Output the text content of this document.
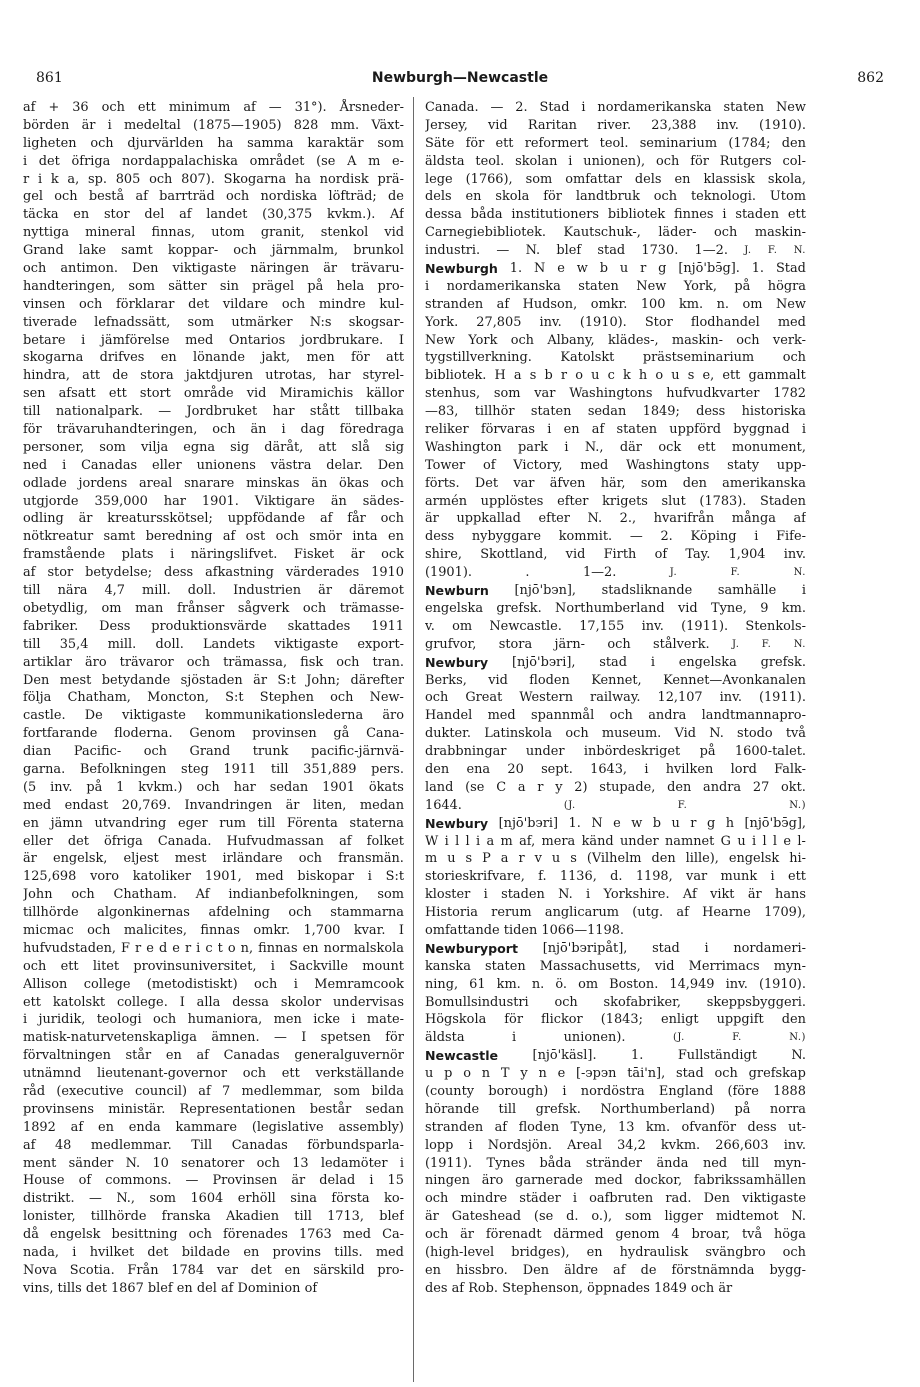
861	Newburgh—Newcastle	862
af + 36 och ett minimum af — 31°). Årsneder-
börden är i medeltal (1875—1905) 828 mm. Växt-
ligheten och djurvärlden ha samma karaktär som
i det öfriga nordappalachiska området (se A m e-
r i k a, sp. 805 och 807). Skogarna ha nordisk prä-
gel och bestå af barrträd och nordiska löfträd; de
täcka en stor del af landet (30,375 kvkm.). Af
nyttiga mineral finnas, utom granit, stenkol vid
Grand lake samt koppar- och järnmalm, brunkol
och antimon. Den viktigaste näringen är trävaru-
handteringen, som sätter sin prägel på hela pro-
vinsen och förklarar det vildare och mindre kul-
tiverade lefnadssätt, som utmärker N:s skogsar-
betare i jämförelse med Ontarios jordbrukare. I
skogarna drifves en lönande jakt, men för att
hindra, att de stora jaktdjuren utrotas, har styrel-
sen afsatt ett stort område vid Miramichis källor
till nationalpark. — Jordbruket har stått tillbaka
för trävaruhandteringen, och än i dag föredraga
personer, som vilja egna sig däråt, att slå sig
ned i Canadas eller unionens västra delar. Den
odlade jordens areal snarare minskas än ökas och
utgjorde 359,000 har 1901. Viktigare än sädes-
odling är kreatursskötsel; uppfödande af får och
nötkreatur samt beredning af ost och smör inta en
framstående plats i näringslifvet. Fisket är ock
af stor betydelse; dess afkastning värderades 1910
till nära 4,7 mill. doll. Industrien är däremot
obetydlig, om man frånser sågverk och trämasse-
fabriker. Dess produktionsvärde skattades 1911
till 35,4 mill. doll. Landets viktigaste export-
artiklar äro trävaror och trämassa, fisk och tran.
Den mest betydande sjöstaden är S:t John; därefter
följa Chatham, Moncton, S:t Stephen och New-
castle. De viktigaste kommunikationslederna äro
fortfarande floderna. Genom provinsen gå Cana-
dian Pacific- och Grand trunk pacific-järnvä-
garna. Befolkningen steg 1911 till 351,889 pers.
(5 inv. på 1 kvkm.) och har sedan 1901 ökats
med endast 20,769. Invandringen är liten, medan
en jämn utvandring eger rum till Förenta staterna
eller det öfriga Canada. Hufvudmassan af folket
är engelsk, eljest mest irländare och fransmän.
125,698 voro katoliker 1901, med biskopar i S:t
John och Chatham. Af indianbefolkningen, som
tillhörde algonkinernas afdelning och stammarna
micmac och malicites, finnas omkr. 1,700 kvar. I
hufvudstaden, F r e d e r i c t o n, finnas en normalskola
och ett litet provinsuniversitet, i Sackville mount
Allison college (metodistiskt) och i Memramcook
ett katolskt college. I alla dessa skolor undervisas
i juridik, teologi och humaniora, men icke i mate-
matisk-naturvetenskapliga ämnen. — I spetsen för
förvaltningen står en af Canadas generalguvernör
utnämnd lieutenant-governor och ett verkställande
råd (executive council) af 7 medlemmar, som bilda
provinsens ministär. Representationen består sedan
1892 af en enda kammare (legislative assembly)
af 48 medlemmar. Till Canadas förbundsparla-
ment sänder N. 10 senatorer och 13 ledamöter i
House of commons. — Provinsen är delad i 15
distrikt. — N., som 1604 erhöll sina första ko-
lonister, tillhörde franska Akadien till 1713, blef
då engelsk besittning och förenades 1763 med Ca-
nada, i hvilket det bildade en provins tills. med
Nova Scotia. Från 1784 var det en särskild pro-
vins,
tills
det
1867
blef
en
del
af
Dominion
of
Canada. — 2. Stad i nordamerikanska staten New
Jersey, vid Raritan river. 23,388 inv. (1910).
Säte för ett reformert teol. seminarium (1784; den
äldsta teol. skolan i unionen), och för Rutgers col-
lege (1766), som omfattar dels en klassisk skola,
dels en skola för landtbruk och teknologi. Utom
dessa båda institutioners bibliotek finnes i staden ett
Carnegiebibliotek. Kautschuk-, läder- och maskin-
industri. — N. blef stad 1730. 1—2. J. F. N.
Newburgh 1. N e w b u r g [njō'bэ̄g]. 1. Stad
i nordamerikanska staten New York, på högra
stranden af Hudson, omkr. 100 km. n. om New
York. 27,805 inv. (1910). Stor flodhandel med
New York och Albany, klädes-, maskin- och verk-
tygstillverkning. Katolskt prästseminarium och
bibliotek. H a s b r o u c k h o u s e, ett gammalt
stenhus, som var Washingtons hufvudkvarter 1782
—83, tillhör staten sedan 1849; dess historiska
reliker förvaras i en af staten uppförd byggnad i
Washington park i N., där ock ett monument,
Tower of Victory, med Washingtons staty upp-
förts. Det var äfven här, som den amerikanska
armén upplöstes efter krigets slut (1783). Staden
är uppkallad efter N. 2., hvarifrån många af
dess nybyggare kommit. — 2. Köping i Fife-
shire, Skottland, vid Firth of Tay. 1,904 inv.
(1901).	.	1—2.	J.	F.	N.
Newburn [njō'bэn], stadsliknande samhälle i
engelska grefsk. Northumberland vid Tyne, 9 km.
v. om Newcastle. 17,155 inv. (1911). Stenkols-
grufvor, stora järn- och stålverk. J. F. N.
Newbury [njō'bэri], stad i engelska grefsk.
Berks, vid floden Kennet, Kennet—Avonkanalen
och Great Western railway. 12,107 inv. (1911).
Handel med spannmål och andra landtmannapro-
dukter. Latinskola och museum. Vid N. stodo två
drabbningar under inbördeskriget på 1600-talet.
den ena 20 sept. 1643, i hvilken lord Falk-
land (se C a r y 2) stupade, den andra 27 okt.
1644.	(J.	F.	N.)
Newbury [njō'bэri] 1. N e w b u r g h [njō'bэ̄g],
W i l l i a m af, mera känd under namnet G u i l l e l-
m u s P a r v u s (Vilhelm den lille), engelsk hi-
storieskrifvare, f. 1136, d. 1198, var munk i ett
kloster i staden N. i Yorkshire. Af vikt är hans
Historia rerum anglicarum (utg. af Hearne 1709),
omfattande
tiden
1066—1198.
Newburyport [njō'bэripåt], stad i nordameri-
kanska staten Massachusetts, vid Merrimacs myn-
ning, 61 km. n. ö. om Boston. 14,949 inv. (1910).
Bomullsindustri och skofabriker, skeppsbyggeri.
Högskola för flickor (1843; enligt uppgift den
äldsta	i	unionen).	(J.	F.	N.)
Newcastle	[njō'käsl].	1.	Fullständigt	N.
u p o n T y n e [-эpэn tāi'n], stad och grefskap
(county borough) i nordöstra England (före 1888
hörande till grefsk. Northumberland) på norra
stranden af floden Tyne, 13 km. ofvanför dess ut-
lopp i Nordsjön. Areal 34,2 kvkm. 266,603 inv.
(1911). Tynes båda stränder ända ned till myn-
ningen äro garnerade med dockor, fabrikssamhällen
och mindre städer i oafbruten rad. Den viktigaste
är Gateshead (se d. o.), som ligger midtemot N.
och är förenadt därmed genom 4 broar, två höga
(high-level bridges), en hydraulisk svängbro och
en hissbro. Den äldre af de förstnämnda bygg-
des
af
Rob.
Stephenson,
öppnades
1849
och
är
